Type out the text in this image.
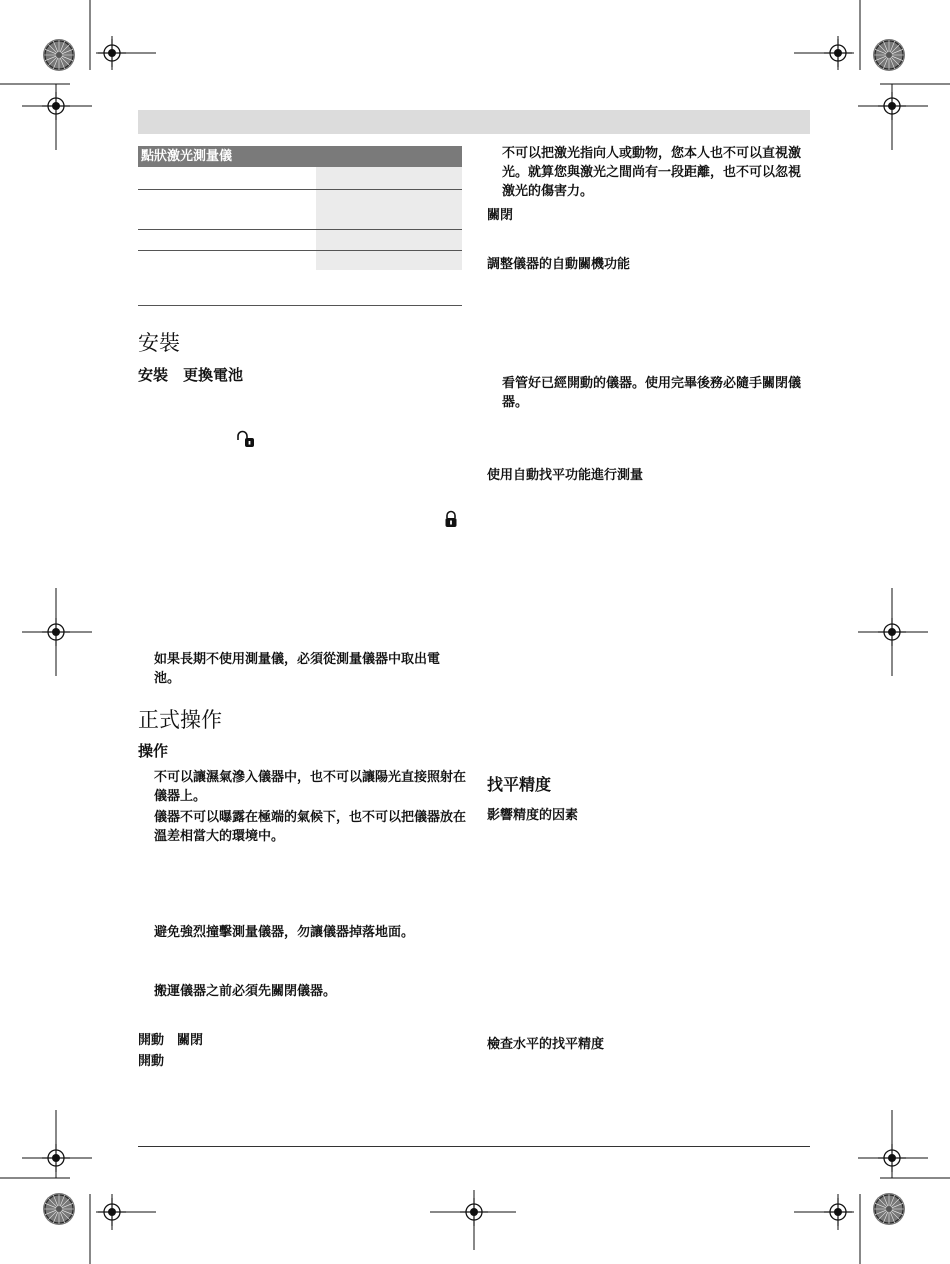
點狀激光測量儀
安裝
安裝　更換電池
如果長期不使用測量儀，必須從測量儀器中取出電池。
正式操作
操作
不可以讓濕氣滲入儀器中，也不可以讓陽光直接照射在儀器上。
儀器不可以曝露在極端的氣候下，也不可以把儀器放在溫差相當大的環境中。
避免強烈撞擊測量儀器，勿讓儀器掉落地面。
搬運儀器之前必須先關閉儀器。
開動　關閉
開動
不可以把激光指向人或動物，您本人也不可以直視激光。就算您與激光之間尚有一段距離，也不可以忽視激光的傷害力。
關閉
調整儀器的自動關機功能
看管好已經開動的儀器。使用完畢後務必隨手關閉儀器。
使用自動找平功能進行測量
找平精度
影響精度的因素
檢查水平的找平精度
